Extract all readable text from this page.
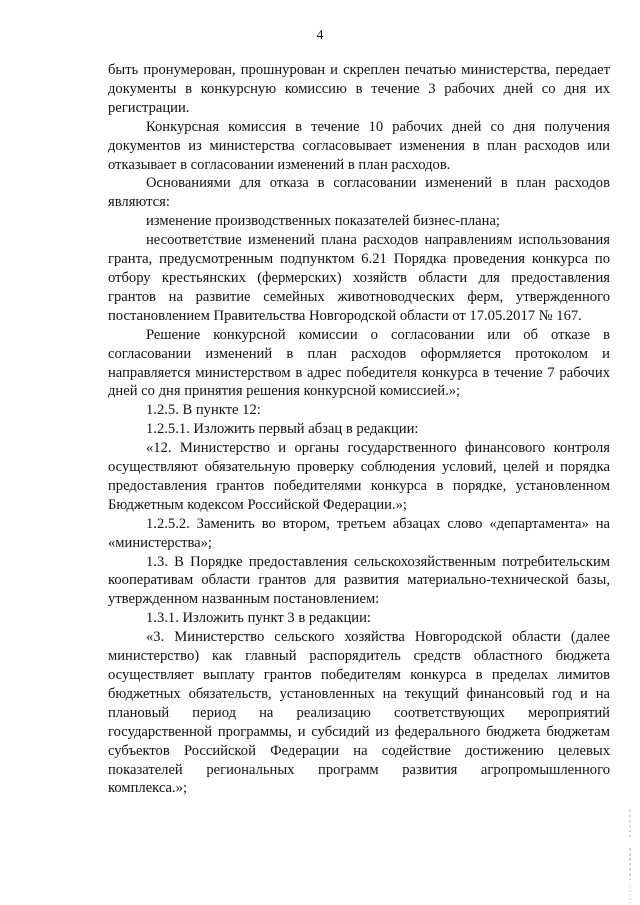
4

быть пронумерован, прошнурован и скреплен печатью министерства, передает документы в конкурсную комиссию в течение 3 рабочих дней со дня их регистрации.

Конкурсная комиссия в течение 10 рабочих дней со дня получения документов из министерства согласовывает изменения в план расходов или отказывает в согласовании изменений в план расходов.

Основаниями для отказа в согласовании изменений в план расходов являются:

изменение производственных показателей бизнес-плана;

несоответствие изменений плана расходов направлениям использования гранта, предусмотренным подпунктом 6.21 Порядка проведения конкурса по отбору крестьянских (фермерских) хозяйств области для предоставления грантов на развитие семейных животноводческих ферм, утвержденного постановлением Правительства Новгородской области от 17.05.2017 № 167.

Решение конкурсной комиссии о согласовании или об отказе в согласовании изменений в план расходов оформляется протоколом и направляется министерством в адрес победителя конкурса в течение 7 рабочих дней со дня принятия решения конкурсной комиссией.»;

1.2.5. В пункте 12:

1.2.5.1. Изложить первый абзац в редакции:

«12. Министерство и органы государственного финансового контроля осуществляют обязательную проверку соблюдения условий, целей и порядка предоставления грантов победителями конкурса в порядке, установленном Бюджетным кодексом Российской Федерации.»;

1.2.5.2. Заменить во втором, третьем абзацах слово «департамента» на «министерства»;

1.3. В Порядке предоставления сельскохозяйственным потребительским кооперативам области грантов для развития материально-технической базы, утвержденном названным постановлением:

1.3.1. Изложить пункт 3 в редакции:

«3. Министерство сельского хозяйства Новгородской области (далее министерство) как главный распорядитель средств областного бюджета осуществляет выплату грантов победителям конкурса в пределах лимитов бюджетных обязательств, установленных на текущий финансовый год и на плановый период на реализацию соответствующих мероприятий государственной программы, и субсидий из федерального бюджета бюджетам субъектов Российской Федерации на содействие достижению целевых показателей региональных программ развития агропромышленного комплекса.»;
